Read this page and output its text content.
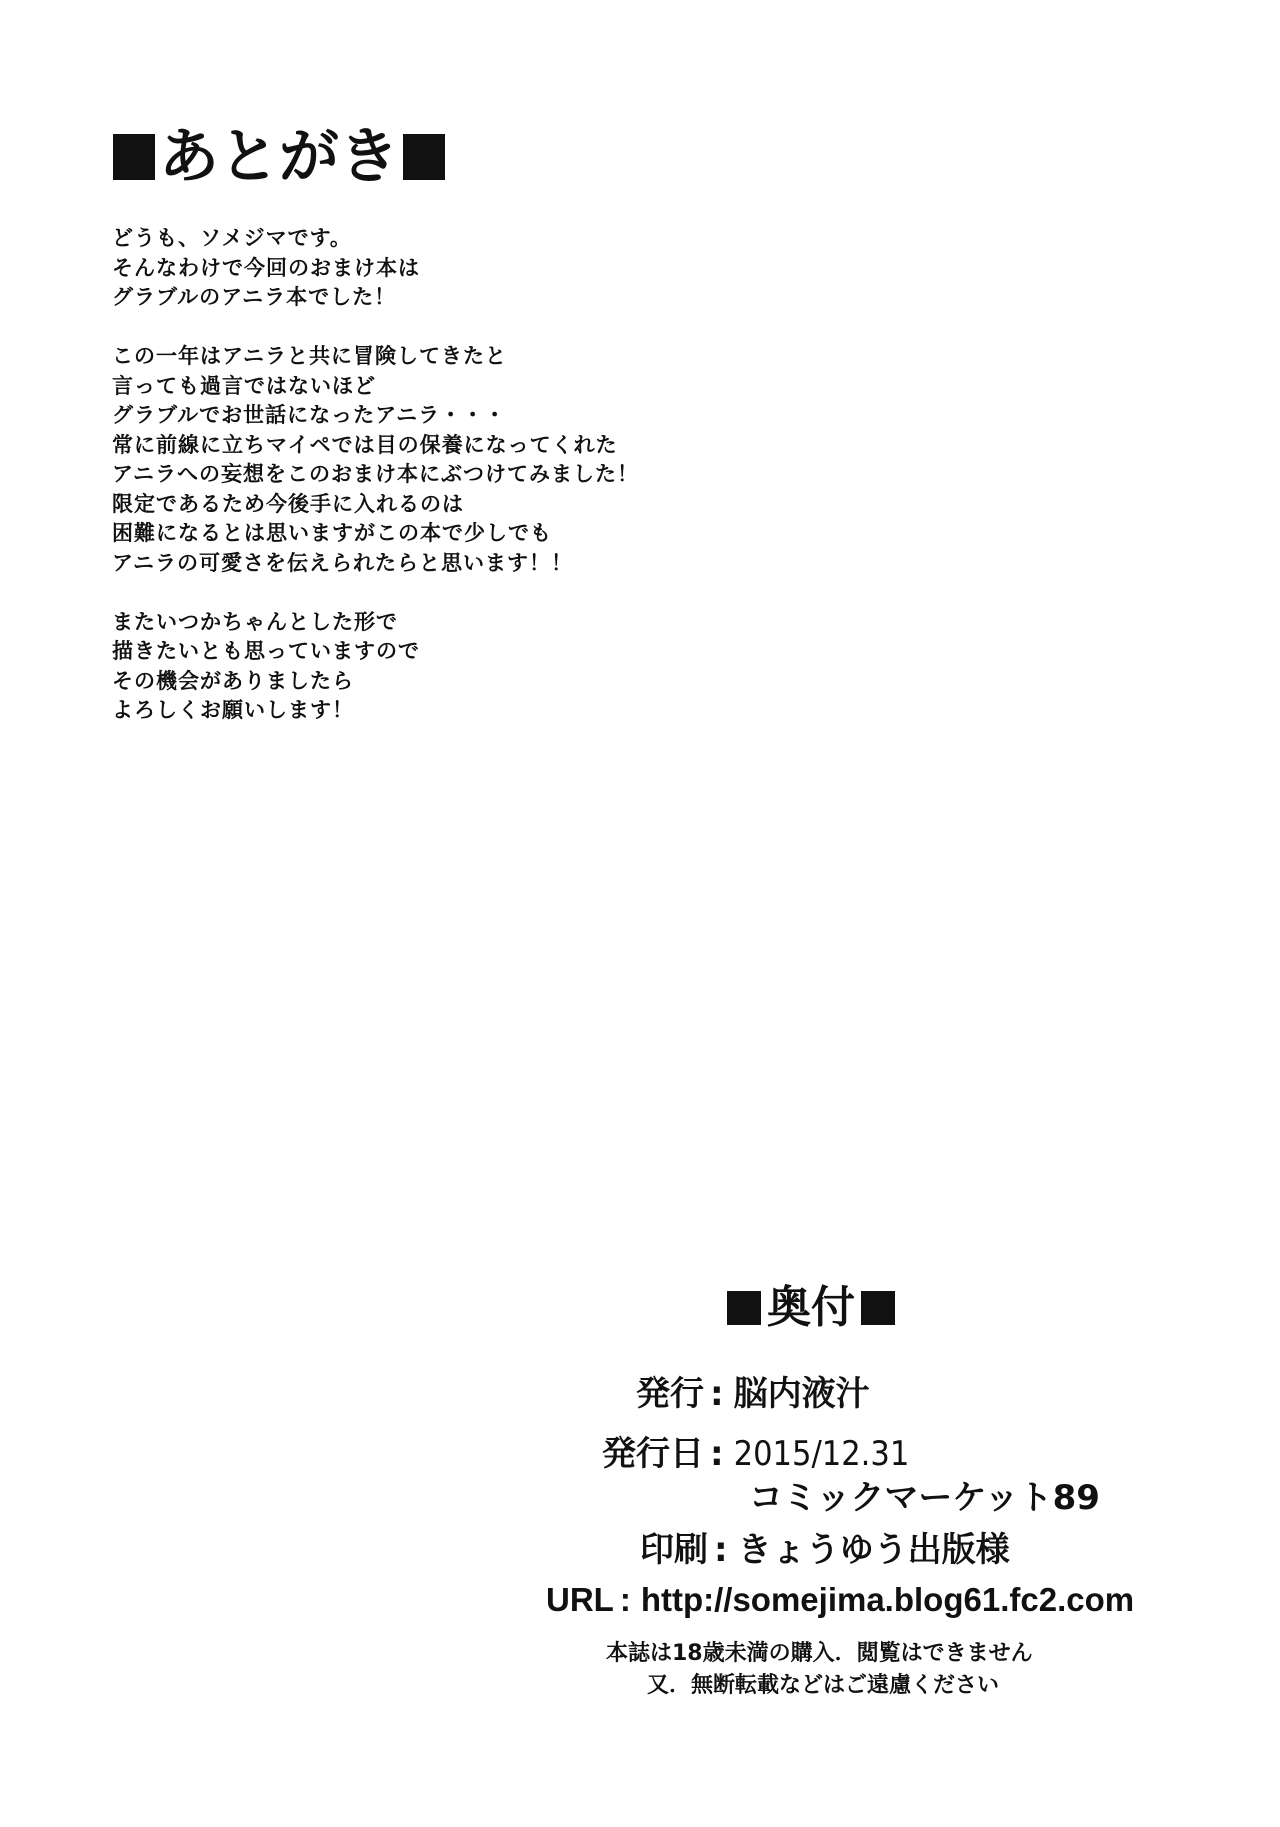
あとがき
どうも、ソメジマです。
そんなわけで今回のおまけ本は
グラブルのアニラ本でした！
この一年はアニラと共に冒険してきたと
言っても過言ではないほど
グラブルでお世話になったアニラ・・・
常に前線に立ちマイペでは目の保養になってくれた
アニラへの妄想をこのおまけ本にぶつけてみました！
限定であるため今後手に入れるのは
困難になるとは思いますがこの本で少しでも
アニラの可愛さを伝えられたらと思います！！
またいつかちゃんとした形で
描きたいとも思っていますので
その機会がありましたら
よろしくお願いします！
奥付
発行 : 脳内液汁
発行日 : 2015/12.31
コミックマーケット89
印刷 : きょうゆう出版様
URL : http://somejima.blog61.fc2.com
本誌は18歳未満の購入．閲覧はできません
又．無断転載などはご遠慮ください
